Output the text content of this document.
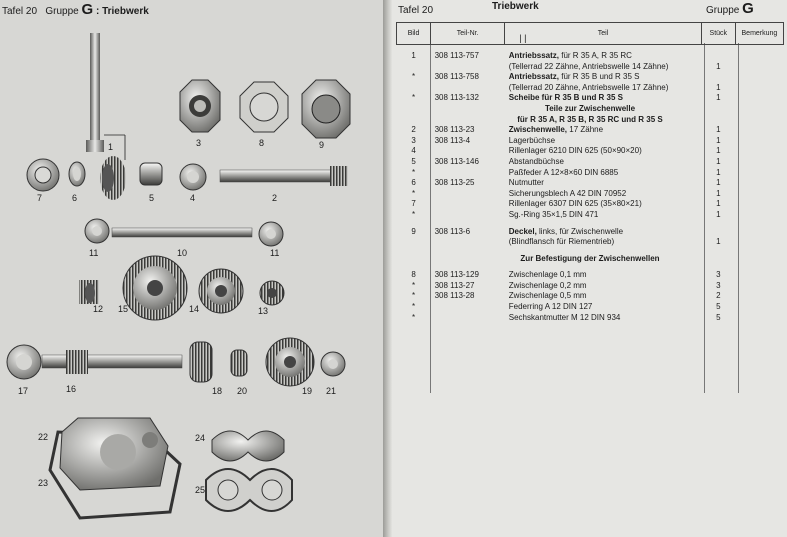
Tafel 20 Gruppe G : Triebwerk	Tafel 20	Triebwerk	Gruppe G
1
2
3
4
5
6
7
8	9
10
11	11
12	13
14
15
16
17	18	19
20	21
22
23
24
25
Bild	Teil-Nr.	Teil
| |	Stück	Bemerkung

1	308 113-757	Antriebssatz, für R 35 A, R 35 RC		
		(Tellerrad 22 Zähne, Antriebswelle 14 Zähne)	1	
*	308 113-758	Antriebssatz, für R 35 B und R 35 S		
		(Tellerrad 20 Zähne, Antriebswelle 17 Zähne)	1	
*	308 113-132	Scheibe für R 35 B und R 35 S	1	
Teile zur Zwischenwelle				
für R 35 A, R 35 B, R 35 RC und R 35 S				
2	308 113-23	Zwischenwelle, 17 Zähne	1	
3	308 113-4	Lagerbüchse	1	
4		Rillenlager 6210 DIN 625 (50×90×20)	1	
5	308 113-146	Abstandbüchse	1	
*		Paßfeder A 12×8×60 DIN 6885	1	
6	308 113-25	Nutmutter	1	
*		Sicherungsblech A 42 DIN 70952	1	
7		Rillenlager 6307 DIN 625 (35×80×21)	1	
*		Sg.-Ring 35×1,5 DIN 471	1	

9	308 113-6	Deckel, links, für Zwischenwelle		
		(Blindflansch für Riementrieb)	1	

Zur Befestigung der Zwischenwellen				

8	308 113-129	Zwischenlage 0,1 mm	3	
*	308 113-27	Zwischenlage 0,2 mm	3	
*	308 113-28	Zwischenlage 0,5 mm	2	
*		Federring A 12 DIN 127	5	
*		Sechskantmutter M 12 DIN 934	5	
